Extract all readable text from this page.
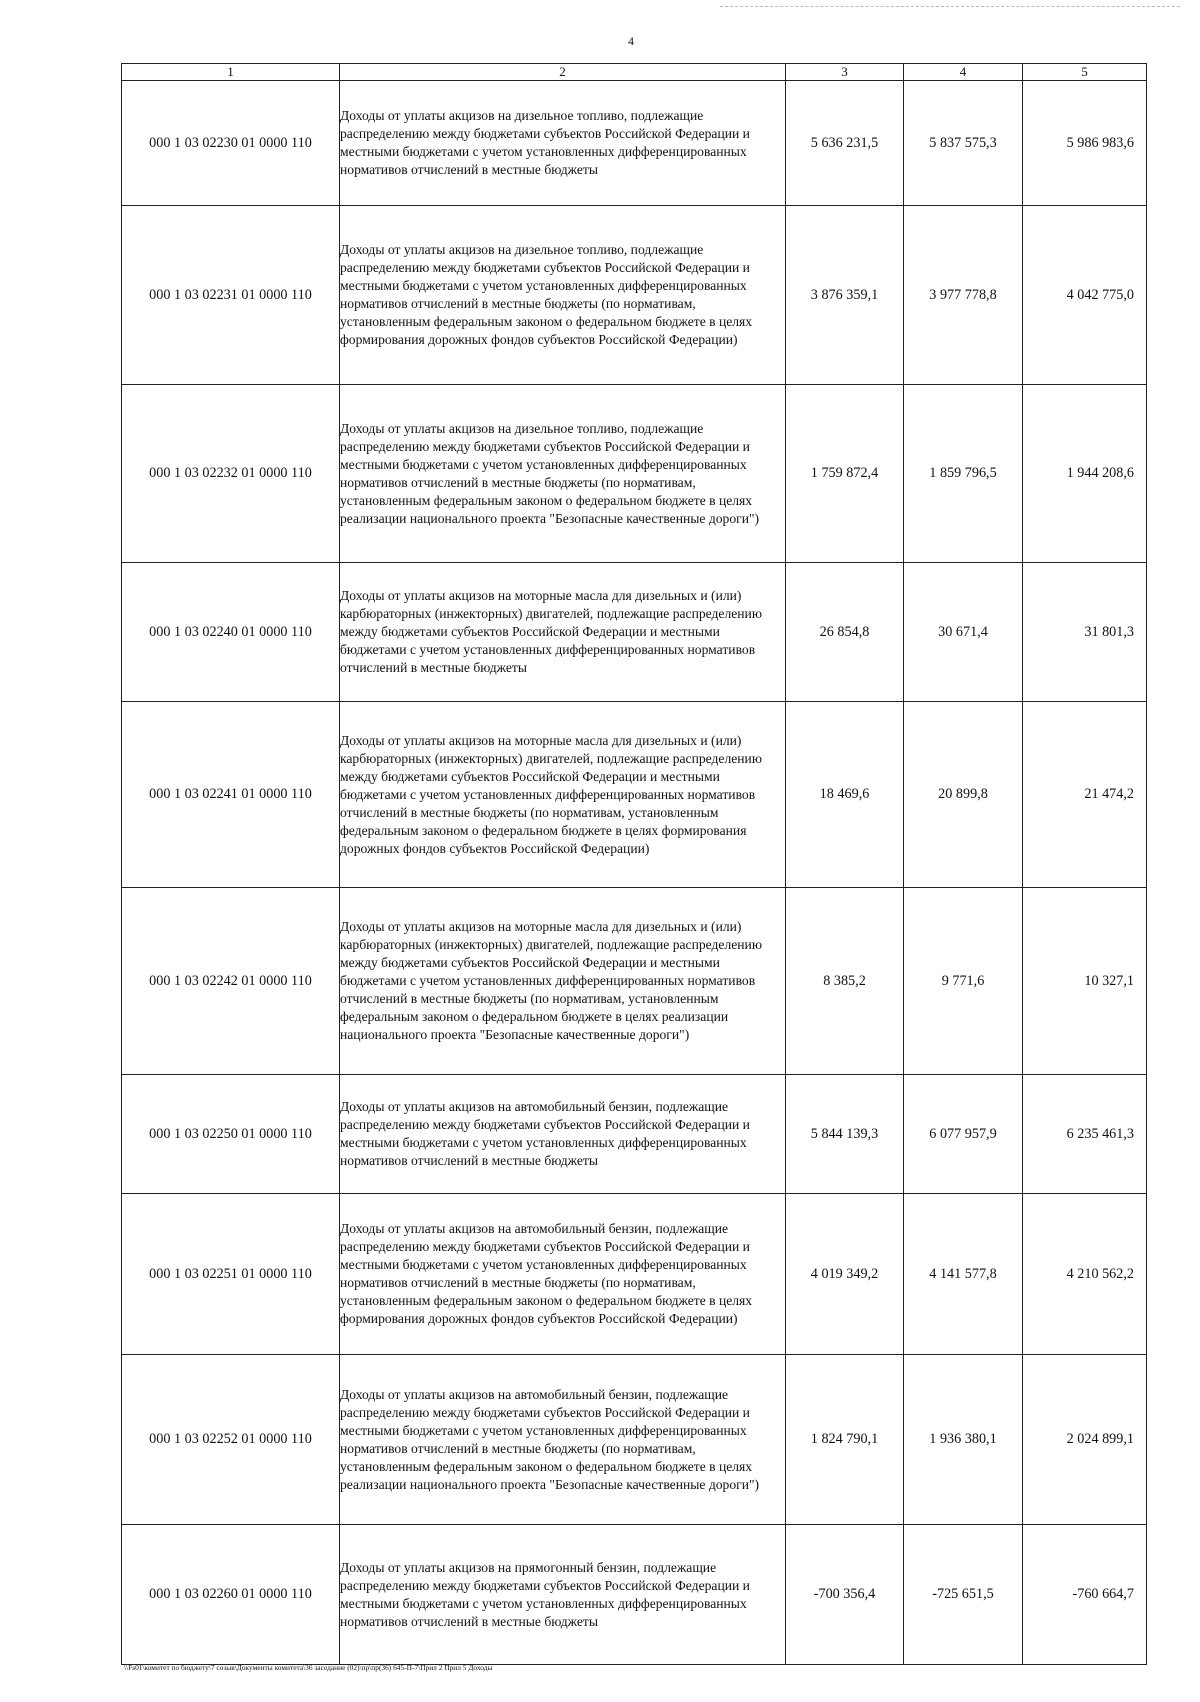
4
1	2	3	4	5
000 1 03 02230 01 0000 110	Доходы от уплаты акцизов на дизельное топливо, подлежащие распределению между бюджетами субъектов Российской Федерации и местными бюджетами с учетом установленных дифференцированных нормативов отчислений в местные бюджеты	5 636 231,5	5 837 575,3	5 986 983,6
000 1 03 02231 01 0000 110	Доходы от уплаты акцизов на дизельное топливо, подлежащие распределению между бюджетами субъектов Российской Федерации и местными бюджетами с учетом установленных дифференцированных нормативов отчислений в местные бюджеты (по нормативам, установленным федеральным законом о федеральном бюджете в целях формирования дорожных фондов субъектов Российской Федерации)	3 876 359,1	3 977 778,8	4 042 775,0
000 1 03 02232 01 0000 110	Доходы от уплаты акцизов на дизельное топливо, подлежащие распределению между бюджетами субъектов Российской Федерации и местными бюджетами с учетом установленных дифференцированных нормативов отчислений в местные бюджеты (по нормативам, установленным федеральным законом о федеральном бюджете в целях реализации национального проекта "Безопасные качественные дороги")	1 759 872,4	1 859 796,5	1 944 208,6
000 1 03 02240 01 0000 110	Доходы от уплаты акцизов на моторные масла для дизельных и (или) карбюраторных (инжекторных) двигателей, подлежащие распределению между бюджетами субъектов Российской Федерации и местными бюджетами с учетом установленных дифференцированных нормативов отчислений в местные бюджеты	26 854,8	30 671,4	31 801,3
000 1 03 02241 01 0000 110	Доходы от уплаты акцизов на моторные масла для дизельных и (или) карбюраторных (инжекторных) двигателей, подлежащие распределению между бюджетами субъектов Российской Федерации и местными бюджетами с учетом установленных дифференцированных нормативов отчислений в местные бюджеты (по нормативам, установленным федеральным законом о федеральном бюджете в целях формирования дорожных фондов субъектов Российской Федерации)	18 469,6	20 899,8	21 474,2
000 1 03 02242 01 0000 110	Доходы от уплаты акцизов на моторные масла для дизельных и (или) карбюраторных (инжекторных) двигателей, подлежащие распределению между бюджетами субъектов Российской Федерации и местными бюджетами с учетом установленных дифференцированных нормативов отчислений в местные бюджеты (по нормативам, установленным федеральным законом о федеральном бюджете в целях реализации национального проекта "Безопасные качественные дороги")	8 385,2	9 771,6	10 327,1
000 1 03 02250 01 0000 110	Доходы от уплаты акцизов на автомобильный бензин, подлежащие распределению между бюджетами субъектов Российской Федерации и местными бюджетами с учетом установленных дифференцированных нормативов отчислений в местные бюджеты	5 844 139,3	6 077 957,9	6 235 461,3
000 1 03 02251 01 0000 110	Доходы от уплаты акцизов на автомобильный бензин, подлежащие распределению между бюджетами субъектов Российской Федерации и местными бюджетами с учетом установленных дифференцированных нормативов отчислений в местные бюджеты (по нормативам, установленным федеральным законом о федеральном бюджете в целях формирования дорожных фондов субъектов Российской Федерации)	4 019 349,2	4 141 577,8	4 210 562,2
000 1 03 02252 01 0000 110	Доходы от уплаты акцизов на автомобильный бензин, подлежащие распределению между бюджетами субъектов Российской Федерации и местными бюджетами с учетом установленных дифференцированных нормативов отчислений в местные бюджеты (по нормативам, установленным федеральным законом о федеральном бюджете в целях реализации национального проекта "Безопасные качественные дороги")	1 824 790,1	1 936 380,1	2 024 899,1
000 1 03 02260 01 0000 110	Доходы от уплаты акцизов на прямогонный бензин, подлежащие распределению между бюджетами субъектов Российской Федерации и местными бюджетами с учетом установленных дифференцированных нормативов отчислений в местные бюджеты	-700 356,4	-725 651,5	-760 664,7
\\Fs01\комитет по бюджету\7 созыв\Документы комитета\36 заседание (02)\пр\пр(36) 645-П-7\Прил 2 Прил 5 Доходы
